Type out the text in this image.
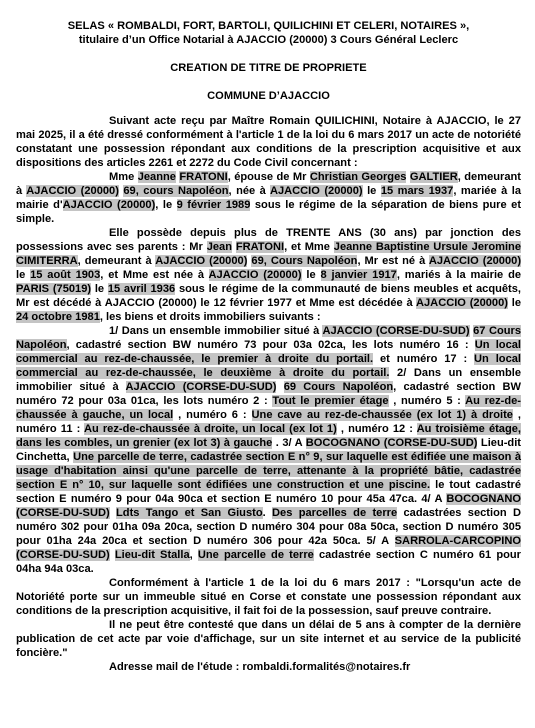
SELAS « ROMBALDI, FORT, BARTOLI, QUILICHINI ET CELERI, NOTAIRES »,
titulaire d’un Office Notarial à AJACCIO (20000) 3 Cours Général Leclerc
CREATION DE TITRE DE PROPRIETE
COMMUNE D’AJACCIO

Suivant acte reçu par Maître Romain QUILICHINI, Notaire à AJACCIO, le 27 mai 2025, il a été dressé conformément à l'article 1 de la loi du 6 mars 2017 un acte de notoriété constatant une possession répondant aux conditions de la prescription acquisitive et aux dispositions des articles 2261 et 2272 du Code Civil concernant :

Mme Jeanne FRATONI, épouse de Mr Christian Georges GALTIER, demeurant à AJACCIO (20000) 69, cours Napoléon, née à AJACCIO (20000) le 15 mars 1937, mariée à la mairie d'AJACCIO (20000), le 9 février 1989 sous le régime de la séparation de biens pure et simple.

Elle possède depuis plus de TRENTE ANS (30 ans) par jonction des possessions avec ses parents : Mr Jean FRATONI, et Mme Jeanne Baptistine Ursule Jeromine CIMITERRA, demeurant à AJACCIO (20000) 69, Cours Napoléon, Mr est né à AJACCIO (20000) le 15 août 1903, et Mme est née à AJACCIO (20000) le 8 janvier 1917, mariés à la mairie de PARIS (75019) le 15 avril 1936 sous le régime de la communauté de biens meubles et acquêts, Mr est décédé à AJACCIO (20000) le 12 février 1977 et Mme est décédée à AJACCIO (20000) le 24 octobre 1981, les biens et droits immobiliers suivants :

1/ Dans un ensemble immobilier situé à AJACCIO (CORSE-DU-SUD) 67 Cours Napoléon, cadastré section BW numéro 73 pour 03a 02ca, les lots numéro 16 : Un local commercial au rez-de-chaussée, le premier à droite du portail. et numéro 17 : Un local commercial au rez-de-chaussée, le deuxième à droite du portail. 2/ Dans un ensemble immobilier situé à AJACCIO (CORSE-DU-SUD) 69 Cours Napoléon, cadastré section BW numéro 72 pour 03a 01ca, les lots numéro 2 : Tout le premier étage , numéro 5 : Au rez-de-chaussée à gauche, un local , numéro 6 : Une cave au rez-de-chaussée (ex lot 1) à droite , numéro 11 : Au rez-de-chaussée à droite, un local (ex lot 1) , numéro 12 : Au troisième étage, dans les combles, un grenier (ex lot 3) à gauche . 3/ A BOCOGNANO (CORSE-DU-SUD) Lieu-dit Cinchetta, Une parcelle de terre, cadastrée section E n° 9, sur laquelle est édifiée une maison à usage d'habitation ainsi qu'une parcelle de terre, attenante à la propriété bâtie, cadastrée section E n° 10, sur laquelle sont édifiées une construction et une piscine. le tout cadastré section E numéro 9 pour 04a 90ca et section E numéro 10 pour 45a 47ca. 4/ A BOCOGNANO (CORSE-DU-SUD) Ldts Tango et San Giusto. Des parcelles de terre cadastrées section D numéro 302 pour 01ha 09a 20ca, section D numéro 304 pour 08a 50ca, section D numéro 305 pour 01ha 24a 20ca et section D numéro 306 pour 42a 50ca. 5/ A SARROLA-CARCOPINO (CORSE-DU-SUD) Lieu-dit Stalla, Une parcelle de terre cadastrée section C numéro 61 pour 04ha 94a 03ca.

Conformément à l'article 1 de la loi du 6 mars 2017 : "Lorsqu'un acte de Notoriété porte sur un immeuble situé en Corse et constate une possession répondant aux conditions de la prescription acquisitive, il fait foi de la possession, sauf preuve contraire.

Il ne peut être contesté que dans un délai de 5 ans à compter de la dernière publication de cet acte par voie d'affichage, sur un site internet et au service de la publicité foncière."

Adresse mail de l'étude : rombaldi.formalités@notaires.fr
